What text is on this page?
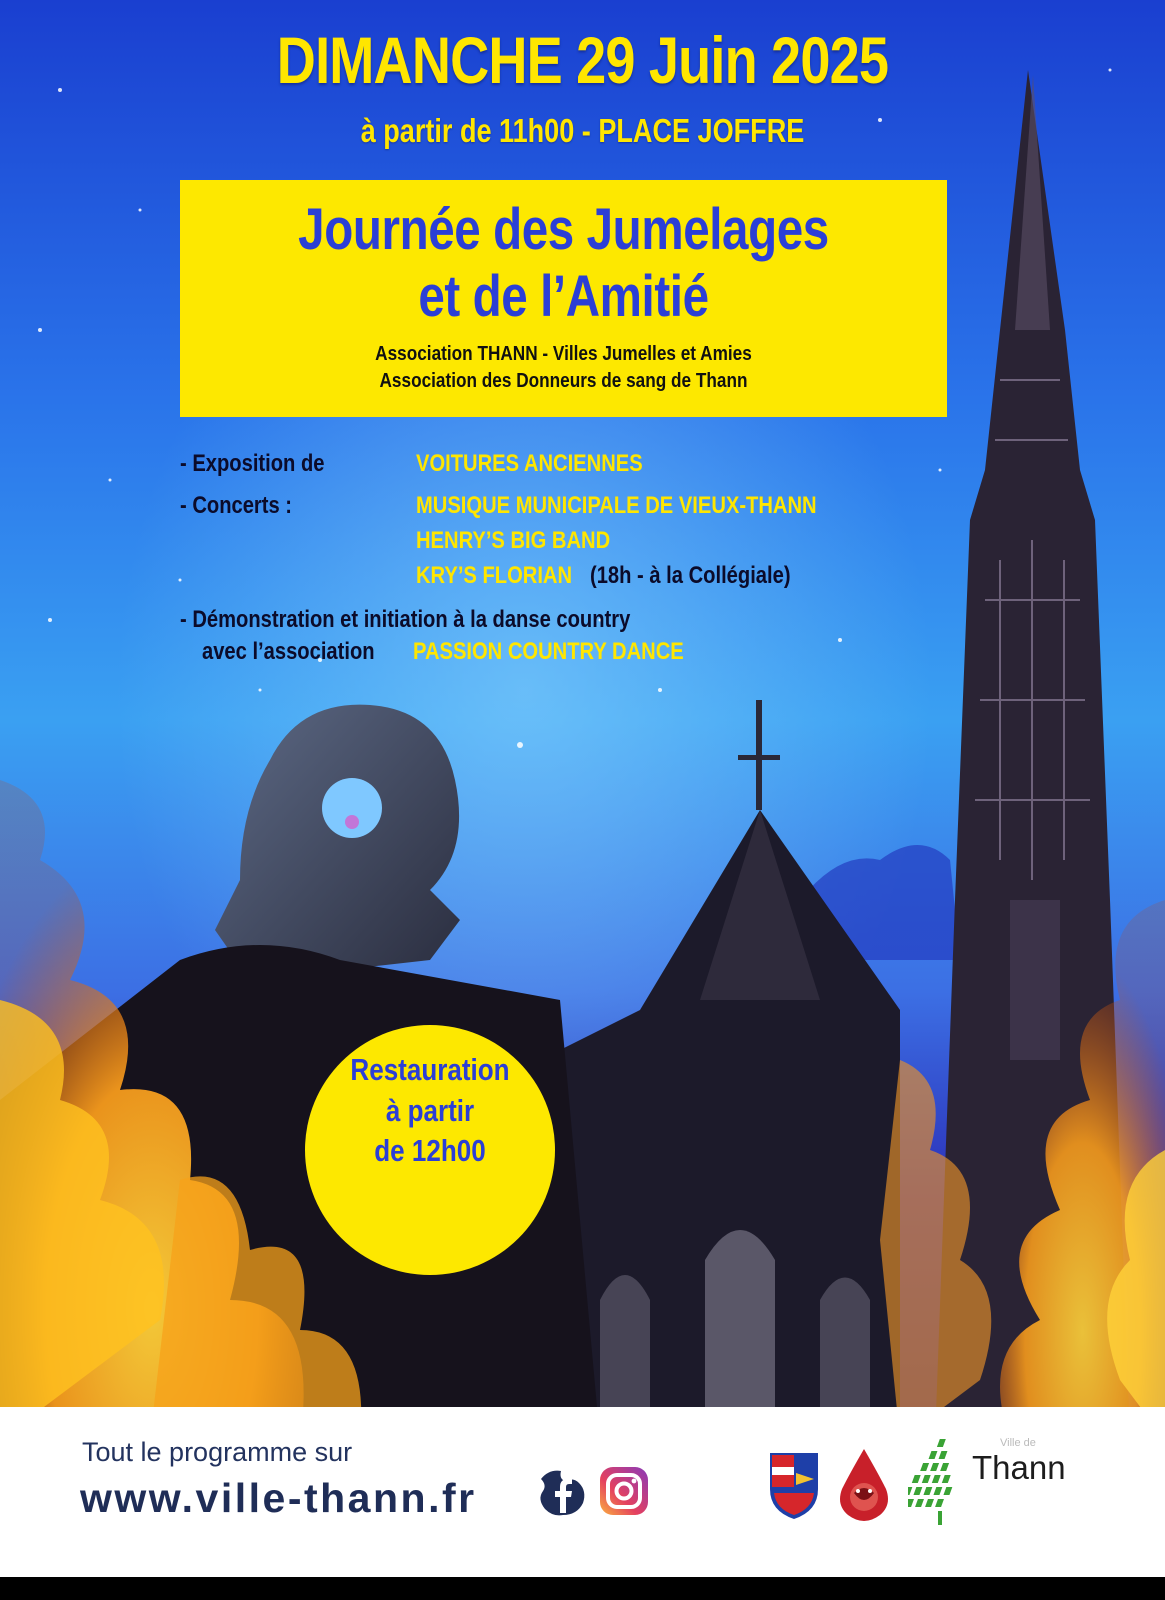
DIMANCHE 29 Juin 2025
à partir de 11h00 - PLACE JOFFRE
Journée des Jumelages
et de l’Amitié
Association THANN - Villes Jumelles et Amies
Association des Donneurs de sang de Thann
- Exposition de	VOITURES ANCIENNES
- Concerts :	MUSIQUE MUNICIPALE DE VIEUX-THANN
HENRY’S BIG BAND
KRY’S FLORIAN (18h - à la Collégiale)
- Démonstration et initiation à la danse country
avec l’association PASSION COUNTRY DANCE
Restauration
à partir
de 12h00
Tout le programme sur
www.ville-thann.fr
Ville de
Thann
